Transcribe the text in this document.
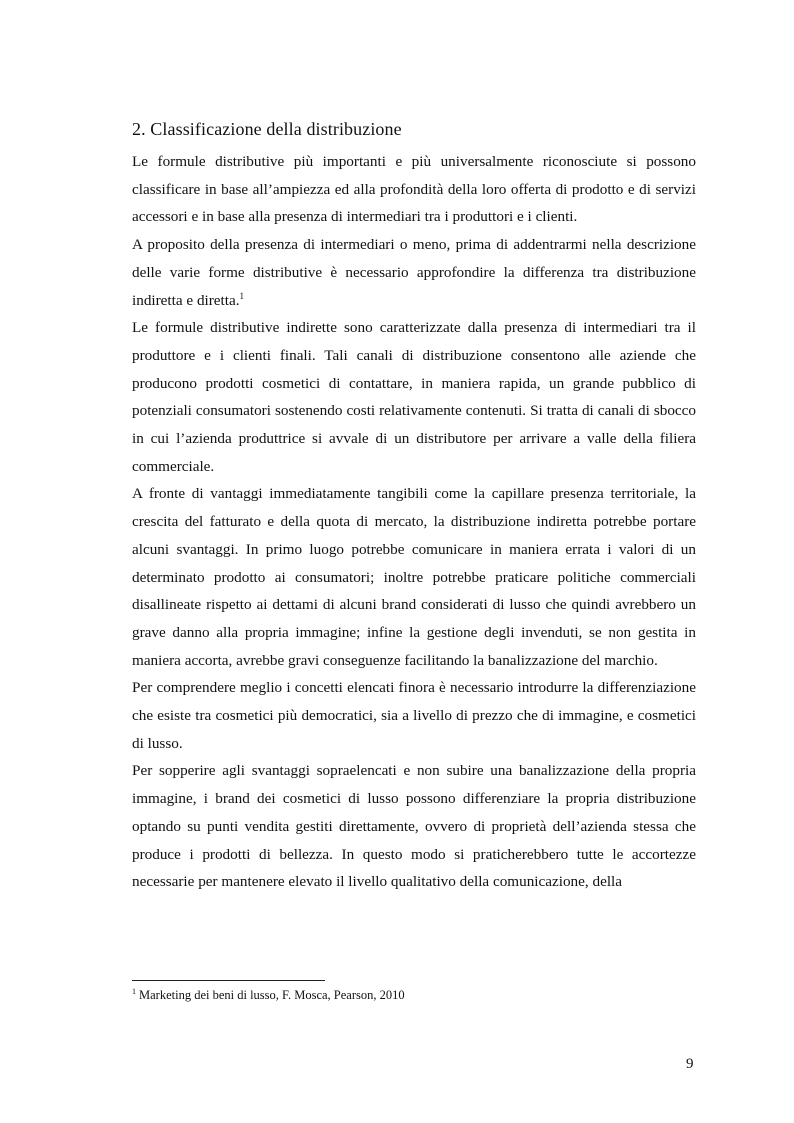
2. Classificazione della distribuzione

Le formule distributive più importanti e più universalmente riconosciute si possono classificare in base all’ampiezza ed alla profondità della loro offerta di prodotto e di servizi accessori e in base alla presenza di intermediari tra i produttori e i clienti.

A proposito della presenza di intermediari o meno, prima di addentrarmi nella descrizione delle varie forme distributive è necessario approfondire la differenza tra distribuzione indiretta e diretta.$^1$

Le formule distributive indirette sono caratterizzate dalla presenza di intermediari tra il produttore e i clienti finali. Tali canali di distribuzione consentono alle aziende che producono prodotti cosmetici di contattare, in maniera rapida, un grande pubblico di potenziali consumatori sostenendo costi relativamente contenuti. Si tratta di canali di sbocco in cui l’azienda produttrice si avvale di un distributore per arrivare a valle della filiera commerciale.

A fronte di vantaggi immediatamente tangibili come la capillare presenza territoriale, la crescita del fatturato e della quota di mercato, la distribuzione indiretta potrebbe portare alcuni svantaggi. In primo luogo potrebbe comunicare in maniera errata i valori di un determinato prodotto ai consumatori; inoltre potrebbe praticare politiche commerciali disallineate rispetto ai dettami di alcuni brand considerati di lusso che quindi avrebbero un grave danno alla propria immagine; infine la gestione degli invenduti, se non gestita in maniera accorta, avrebbe gravi conseguenze facilitando la banalizzazione del marchio.

Per comprendere meglio i concetti elencati finora è necessario introdurre la differenziazione che esiste tra cosmetici più democratici, sia a livello di prezzo che di immagine, e cosmetici di lusso.

Per sopperire agli svantaggi sopraelencati e non subire una banalizzazione della propria immagine, i brand dei cosmetici di lusso possono differenziare la propria distribuzione optando su punti vendita gestiti direttamente, ovvero di proprietà dell’azienda stessa che produce i prodotti di bellezza. In questo modo si praticherebbero tutte le accortezze necessarie per mantenere elevato il livello qualitativo della comunicazione, della

$^1$ Marketing dei beni di lusso, F. Mosca, Pearson, 2010

9
